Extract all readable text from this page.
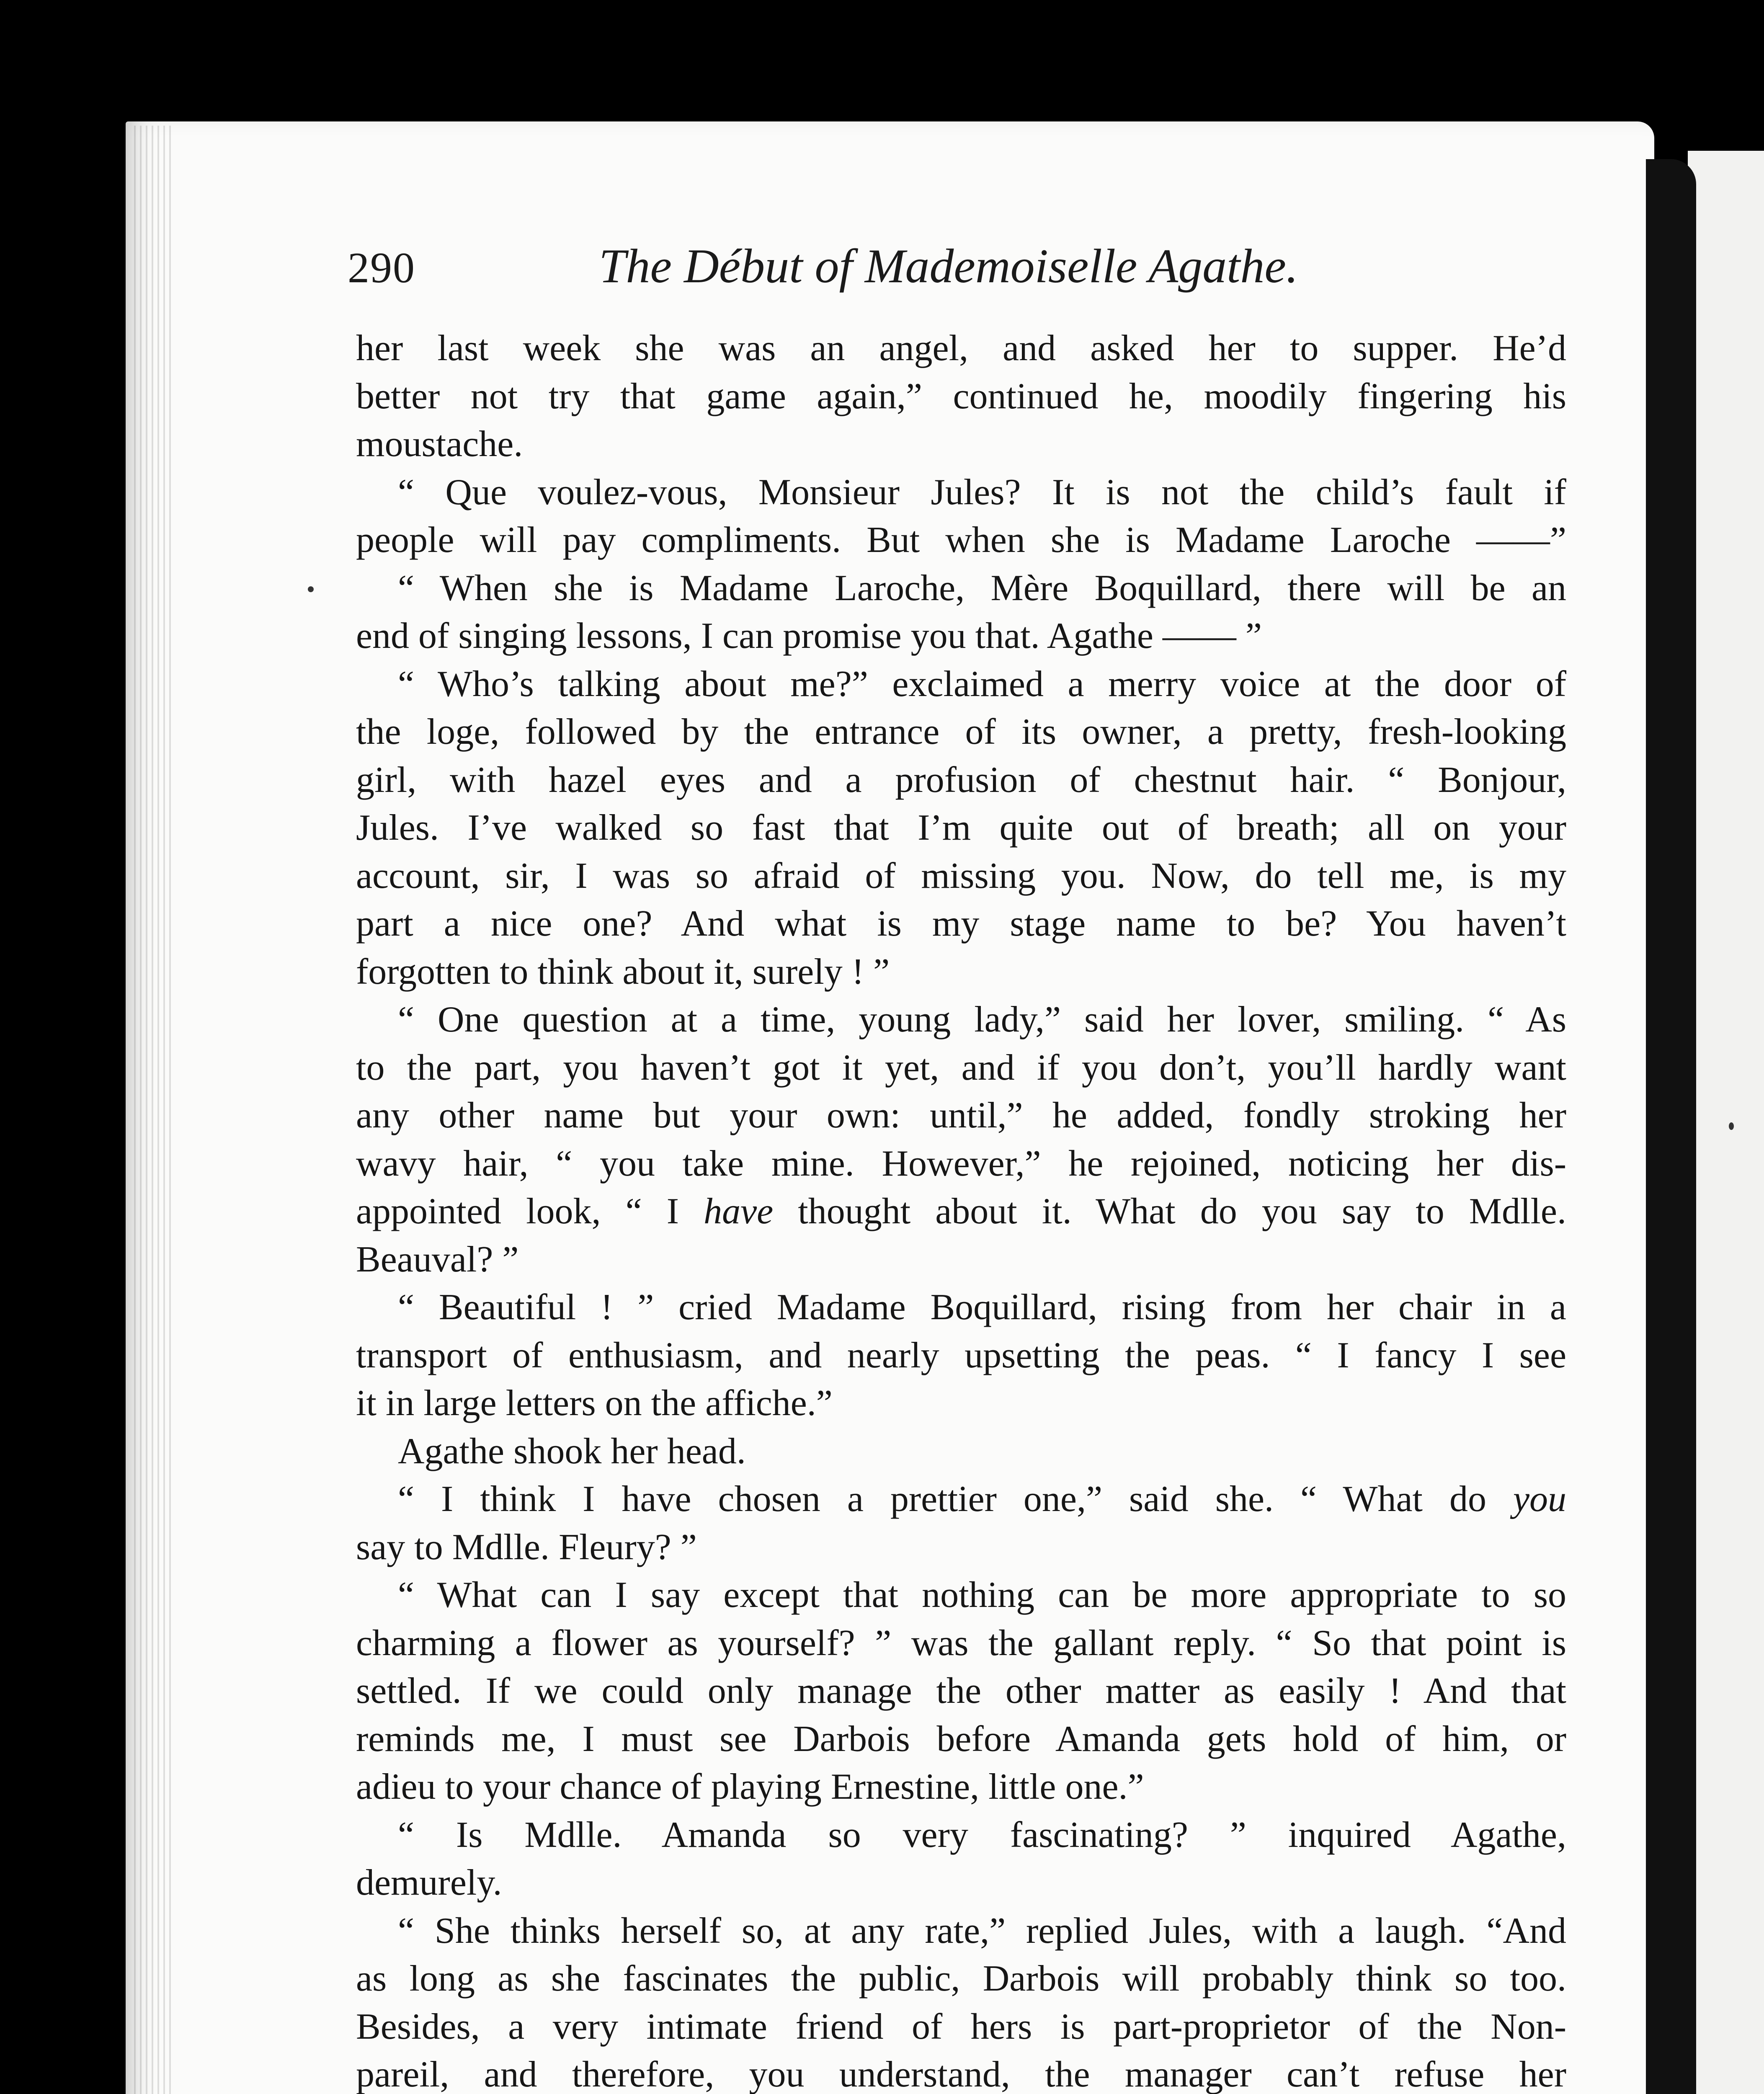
290	The Début of Mademoiselle Agathe.
her last week she was an angel, and asked her to supper. He’d
better not try that game again,” continued he, moodily fingering his
moustache.
“ Que voulez-vous, Monsieur Jules? It is not the child’s fault if
people will pay compliments. But when she is Madame Laroche ——”
“ When she is Madame Laroche, Mère Boquillard, there will be an
end of singing lessons, I can promise you that. Agathe —— ”
“ Who’s talking about me?” exclaimed a merry voice at the door of
the loge, followed by the entrance of its owner, a pretty, fresh-looking
girl, with hazel eyes and a profusion of chestnut hair. “ Bonjour,
Jules. I’ve walked so fast that I’m quite out of breath; all on your
account, sir, I was so afraid of missing you. Now, do tell me, is my
part a nice one? And what is my stage name to be? You haven’t
forgotten to think about it, surely ! ”
“ One question at a time, young lady,” said her lover, smiling. “ As
to the part, you haven’t got it yet, and if you don’t, you’ll hardly want
any other name but your own: until,” he added, fondly stroking her
wavy hair, “ you take mine. However,” he rejoined, noticing her dis-
appointed look, “ I have thought about it. What do you say to Mdlle.
Beauval? ”
“ Beautiful ! ” cried Madame Boquillard, rising from her chair in a
transport of enthusiasm, and nearly upsetting the peas. “ I fancy I see
it in large letters on the affiche.”
Agathe shook her head.
“ I think I have chosen a prettier one,” said she. “ What do you
say to Mdlle. Fleury? ”
“ What can I say except that nothing can be more appropriate to so
charming a flower as yourself? ” was the gallant reply. “ So that point is
settled. If we could only manage the other matter as easily ! And that
reminds me, I must see Darbois before Amanda gets hold of him, or
adieu to your chance of playing Ernestine, little one.”
“ Is Mdlle. Amanda so very fascinating? ” inquired Agathe,
demurely.
“ She thinks herself so, at any rate,” replied Jules, with a laugh. “And
as long as she fascinates the public, Darbois will probably think so too.
Besides, a very intimate friend of hers is part-proprietor of the Non-
pareil, and therefore, you understand, the manager can’t refuse her
